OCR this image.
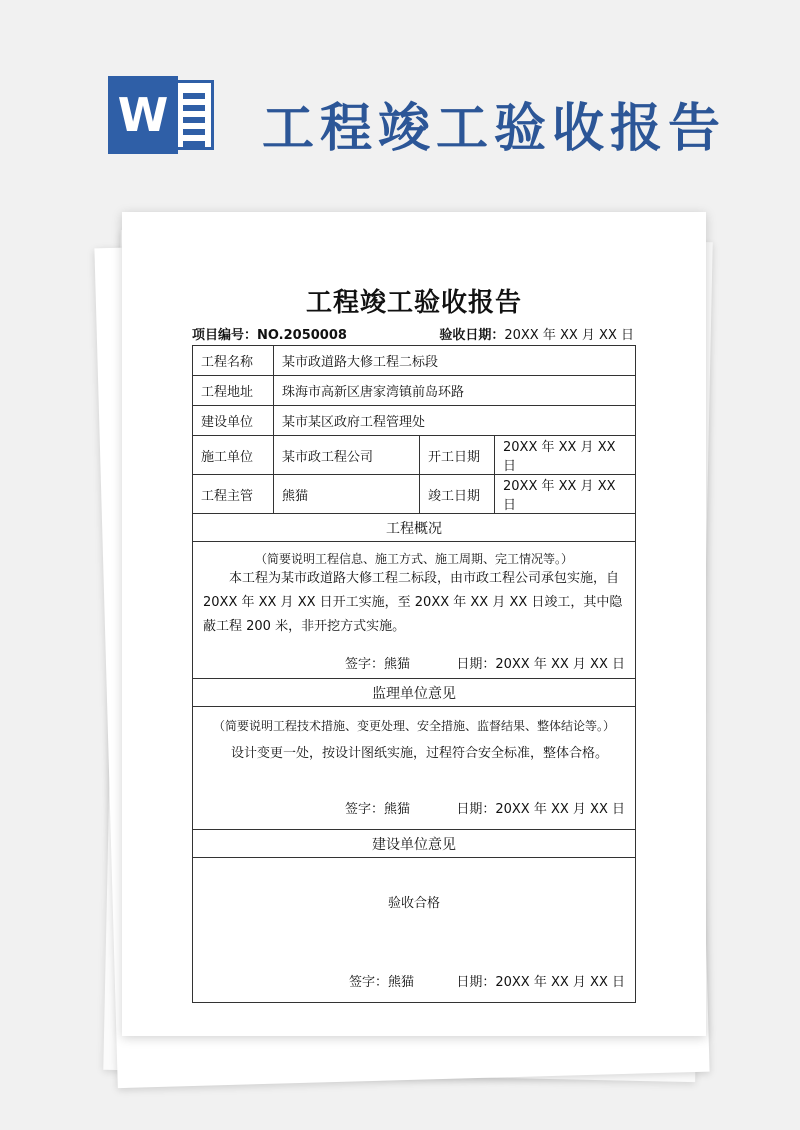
W 工程竣工验收报告
工程竣工验收报告
项目编号：NO.2050008	验收日期：20XX 年 XX 月 XX 日
工程名称	某市政道路大修工程二标段		
工程地址	珠海市高新区唐家湾镇前岛环路		
建设单位	某市某区政府工程管理处		
施工单位	某市政工程公司	开工日期	20XX 年 XX 月 XX 日
工程主管	熊猫	竣工日期	20XX 年 XX 月 XX 日
工程概况			

（简要说明工程信息、施工方式、施工周期、完工情况等。）
本工程为某市政道路大修工程二标段，由市政工程公司承包实施，自20XX 年 XX 月 XX 日开工实施，至 20XX 年 XX 月 XX 日竣工，其中隐蔽工程 200 米，非开挖方式实施。
签字：熊猫 日期：20XX 年 XX 月 XX 日			

监理单位意见			

（简要说明工程技术措施、变更处理、安全措施、监督结果、整体结论等。）
设计变更一处，按设计图纸实施，过程符合安全标准，整体合格。
签字：熊猫 日期：20XX 年 XX 月 XX 日			

建设单位意见			

验收合格
签字：熊猫 日期：20XX 年 XX 月 XX 日			
